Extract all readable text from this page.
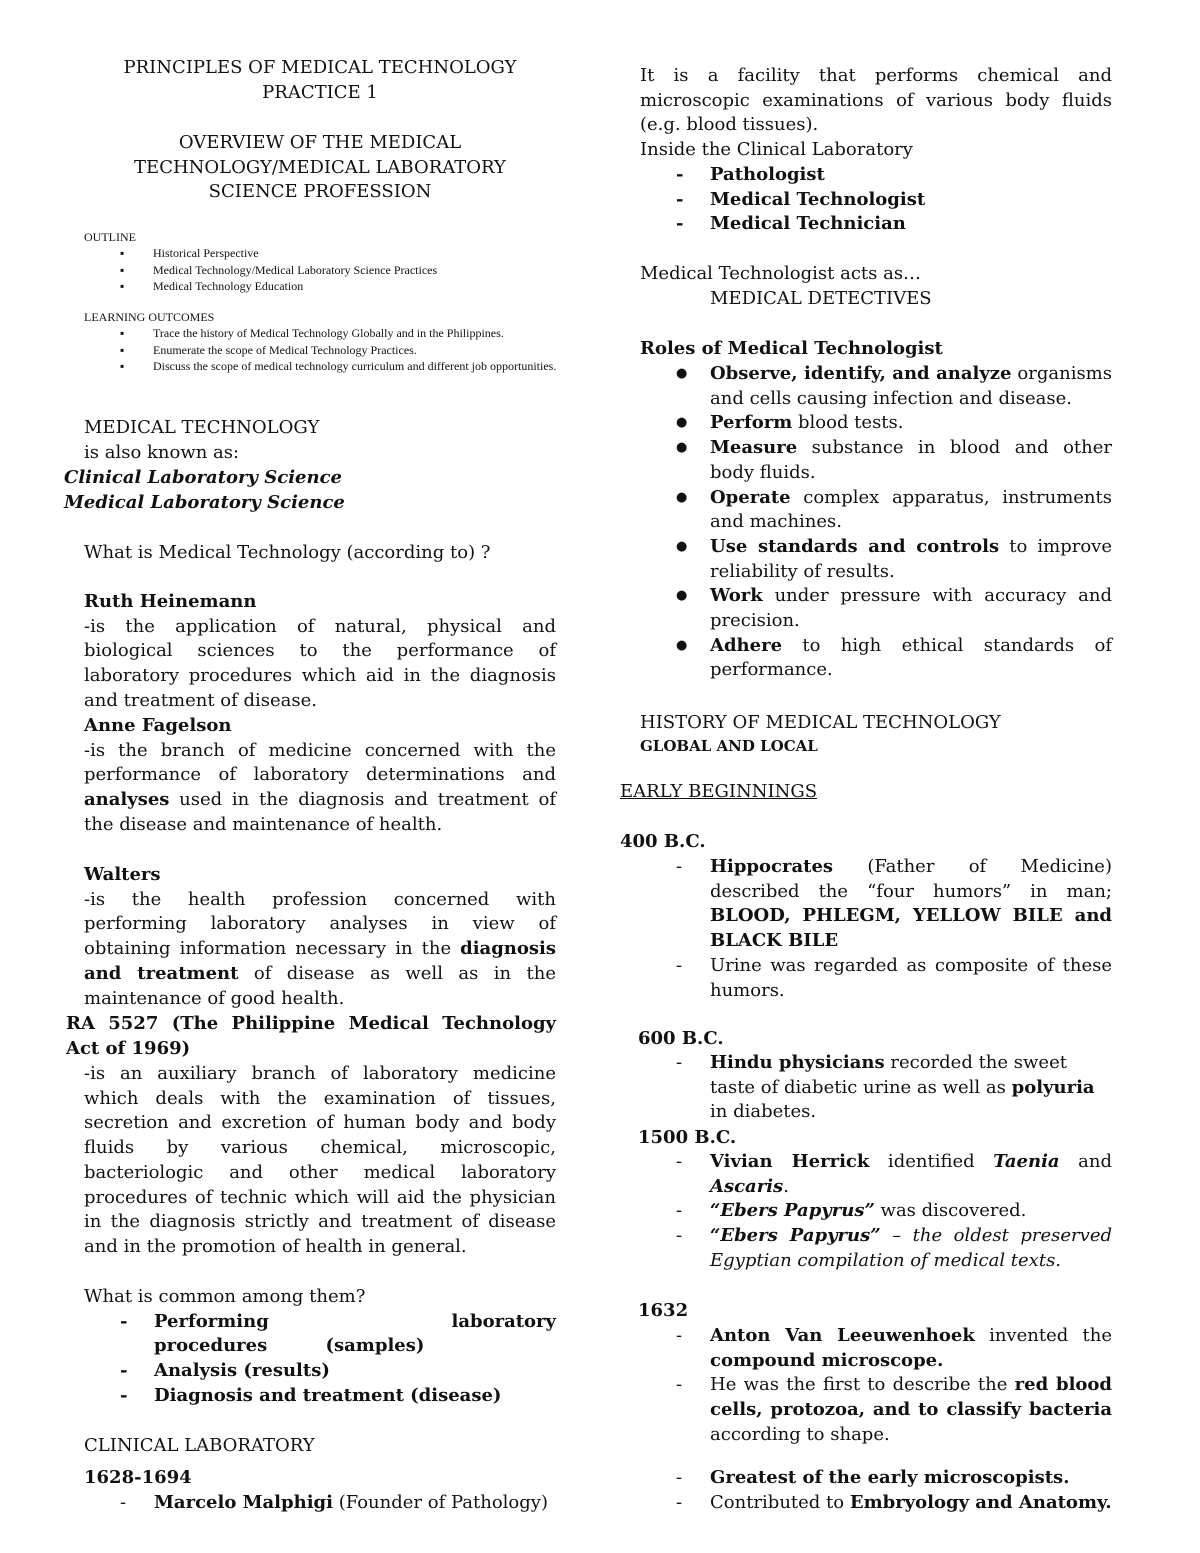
PRINCIPLES OF MEDICAL TECHNOLOGY
PRACTICE 1
OVERVIEW OF THE MEDICAL
TECHNOLOGY/MEDICAL LABORATORY
SCIENCE PROFESSION
OUTLINE
▪ Historical Perspective
▪ Medical Technology/Medical Laboratory Science Practices
▪ Medical Technology Education
LEARNING OUTCOMES
▪ Trace the history of Medical Technology Globally and in the Philippines.
▪ Enumerate the scope of Medical Technology Practices.
▪ Discuss the scope of medical technology curriculum and different job opportunities.
MEDICAL TECHNOLOGY
is also known as:
Clinical Laboratory Science Medical Laboratory Science
What is Medical Technology (according to) ?
Ruth Heinemann
-is the application of natural, physical and biological sciences to the performance of laboratory procedures which aid in the diagnosis and treatment of disease.
Anne Fagelson
-is the branch of medicine concerned with the performance of laboratory determinations and analyses used in the diagnosis and treatment of the disease and maintenance of health.
Walters
-is the health profession concerned with performing laboratory analyses in view of obtaining information necessary in the diagnosis and treatment of disease as well as in the maintenance of good health.
RA 5527 (The Philippine Medical Technology Act of 1969)
-is an auxiliary branch of laboratory medicine which deals with the examination of tissues, secretion and excretion of human body and body fluids by various chemical, microscopic, bacteriologic and other medical laboratory procedures of technic which will aid the physician in the diagnosis strictly and treatment of disease and in the promotion of health in general.
What is common among them?
- Performing laboratory procedures (samples)
- Analysis (results)
- Diagnosis and treatment (disease)
CLINICAL LABORATORY
1628-1694
- Marcelo Malphigi (Founder of Pathology)
It is a facility that performs chemical and microscopic examinations of various body fluids (e.g. blood tissues).
Inside the Clinical Laboratory
- Pathologist
- Medical Technologist
- Medical Technician
Medical Technologist acts as…
MEDICAL DETECTIVES
Roles of Medical Technologist
● Observe, identify, and analyze organisms and cells causing infection and disease.
● Perform blood tests.
● Measure substance in blood and other body fluids.
● Operate complex apparatus, instruments and machines.
● Use standards and controls to improve reliability of results.
● Work under pressure with accuracy and precision.
● Adhere to high ethical standards of performance.
HISTORY OF MEDICAL TECHNOLOGY
GLOBAL AND LOCAL
EARLY BEGINNINGS
400 B.C.
- Hippocrates (Father of Medicine) described the “four humors” in man; BLOOD, PHLEGM, YELLOW BILE and BLACK BILE
- Urine was regarded as composite of these humors.
600 B.C.
- Hindu physicians recorded the sweet taste of diabetic urine as well as polyuria in diabetes.
1500 B.C.
- Vivian Herrick identified Taenia and Ascaris.
- “Ebers Papyrus” was discovered.
- “Ebers Papyrus” – the oldest preserved Egyptian compilation of medical texts.
1632
- Anton Van Leeuwenhoek invented the compound microscope.
- He was the first to describe the red blood cells, protozoa, and to classify bacteria according to shape.
- Greatest of the early microscopists.
- Contributed to Embryology and Anatomy.
